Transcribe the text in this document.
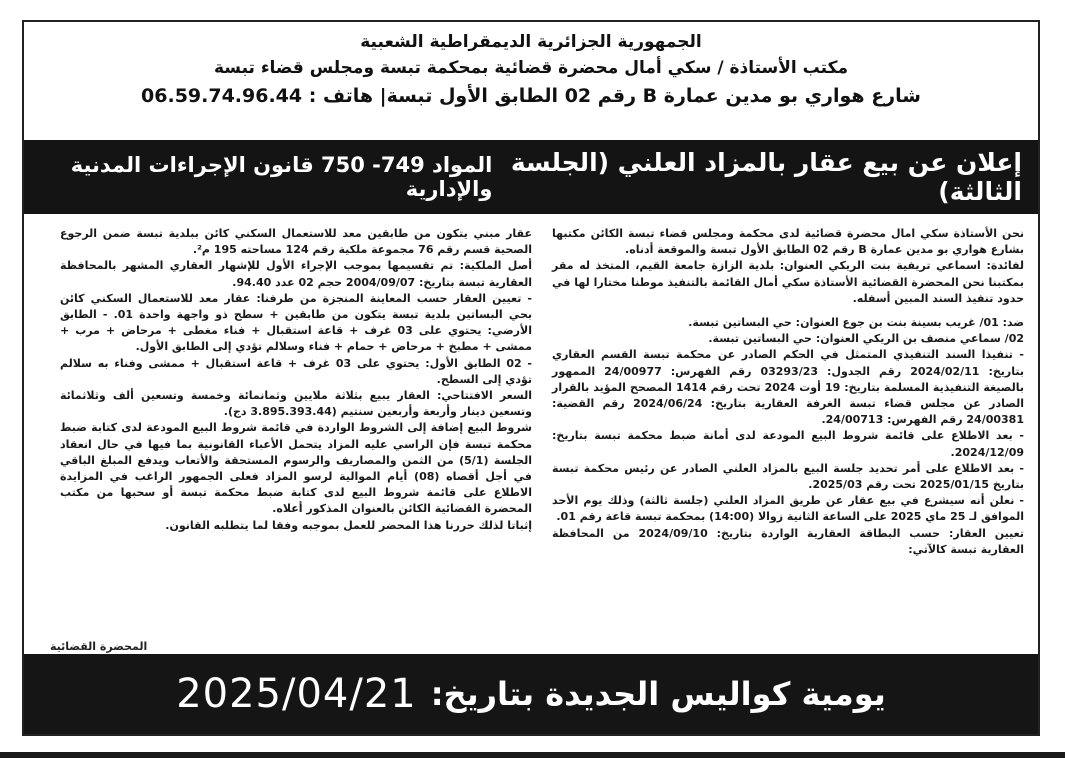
الجمهورية الجزائرية الديمقراطية الشعبية
مكتب الأستاذة / سكي أمال محضرة قضائية بمحكمة تبسة ومجلس قضاء تبسة
شارع هواري بو مدين عمارة B رقم 02 الطابق الأول تبسة| هاتف : 06.59.74.96.44
إعلان عن بيع عقار بالمزاد العلني (الجلسة الثالثة)
المواد 749- 750 قانون الإجراءات المدنية والإدارية

نحن الأستاذة سكي امال محضرة قضائية لدى محكمة ومجلس قضاء تبسة الكائن مكتبها بشارع هواري بو مدين عمارة B رقم 02 الطابق الأول تبسة والموقعة أدناه.

لفائدة: اسماعي تريفية بنت الريكي العنوان: بلدية الزازة جامعة القيم، المتخذ له مقر بمكتبنا نحن المحضرة القضائية الأستاذة سكي أمال القائمة بالتنفيذ موطنا مختارا لها في حدود تنفيذ السند المبين أسفله.

ضد: 01/ غريب بسينة بنت بن جوع العنوان: حي البساتين تبسة.

02/ سماعي منصف بن الريكي العنوان: حي البساتين تبسة.

- تنفيذا السند التنفيذي المتمثل في الحكم الصادر عن محكمة تبسة القسم العقاري بتاريخ: 2024/02/11 رقم الجدول: 03293/23 رقم الفهرس: 24/00977 الممهور بالصيغة التنفيذية المسلمة بتاريخ: 19 أوت 2024 تحت رقم 1414 المصحح المؤيد بالقرار الصادر عن مجلس قضاء تبسة الغرفة العقارية بتاريخ: 2024/06/24 رقم القضية: 24/00381 رقم الفهرس: 24/00713.

- بعد الاطلاع على قائمة شروط البيع المودعة لدى أمانة ضبط محكمة تبسة بتاريخ: 2024/12/09.

- بعد الاطلاع على أمر تحديد جلسة البيع بالمزاد العلني الصادر عن رئيس محكمة تبسة بتاريخ 2025/01/15 تحت رقم 2025/03.

- نعلن أنه سيشرع في بيع عقار عن طريق المزاد العلني (جلسة ثالثة) وذلك يوم الأحد الموافق لـ 25 ماي 2025 على الساعة الثانية زوالا (14:00) بمحكمة تبسة قاعة رقم 01.

تعيين العقار: حسب البطاقة العقارية الواردة بتاريخ: 2024/09/10 من المحافظة العقارية تبسة كالآتي:

عقار مبني يتكون من طابقين معد للاستعمال السكني كائن ببلدية تبسة ضمن الرجوع الصحية قسم رقم 76 مجموعة ملكية رقم 124 مساحته 195 م².

أصل الملكية: تم تقسيمها بموجب الإجراء الأول للإشهار العقاري المشهر بالمحافظة العقارية تبسة بتاريخ: 2004/09/07 حجم 02 عدد 94.40.

- تعيين العقار حسب المعاينة المنجزة من طرفنا: عقار معد للاستعمال السكني كائن بحي البساتين بلدية تبسة يتكون من طابقين + سطح ذو واجهة واحدة 01. - الطابق الأرضي: يحتوي على 03 غرف + قاعة استقبال + فناء مغطى + مرحاض + مرب + ممشى + مطبخ + مرحاض + حمام + فناء وسلالم تؤدي إلى الطابق الأول.

- 02 الطابق الأول: يحتوي على 03 غرف + قاعة استقبال + ممشى وفناء به سلالم تؤدي إلى السطح.

السعر الافتتاحي: العقار يبيع بثلاثة ملايين وثمانمائة وخمسة وتسعين ألف وثلاثمائة وتسعين دينار وأربعة وأربعين سنتيم (3.895.393.44 دج).

شروط البيع إضافة إلى الشروط الواردة في قائمة شروط البيع المودعة لدى كتابة ضبط محكمة تبسة فإن الراسي عليه المزاد يتحمل الأعباء القانونية بما فيها في حال انعقاد الجلسة (5/1) من الثمن والمصاريف والرسوم المستحقة والأتعاب ويدفع المبلغ الباقي في أجل أقصاه (08) أيام الموالية لرسو المزاد فعلى الجمهور الراغب في المزايدة الاطلاع على قائمة شروط البيع لدى كتابة ضبط محكمة تبسة أو سحبها من مكتب المحضرة القضائية الكائن بالعنوان المذكور أعلاه.

إثباتا لذلك حررنا هذا المحضر للعمل بموجبه وفقا لما يتطلبه القانون.

المحضرة القضائية
2025/04/21 يومية كواليس الجديدة بتاريخ:
